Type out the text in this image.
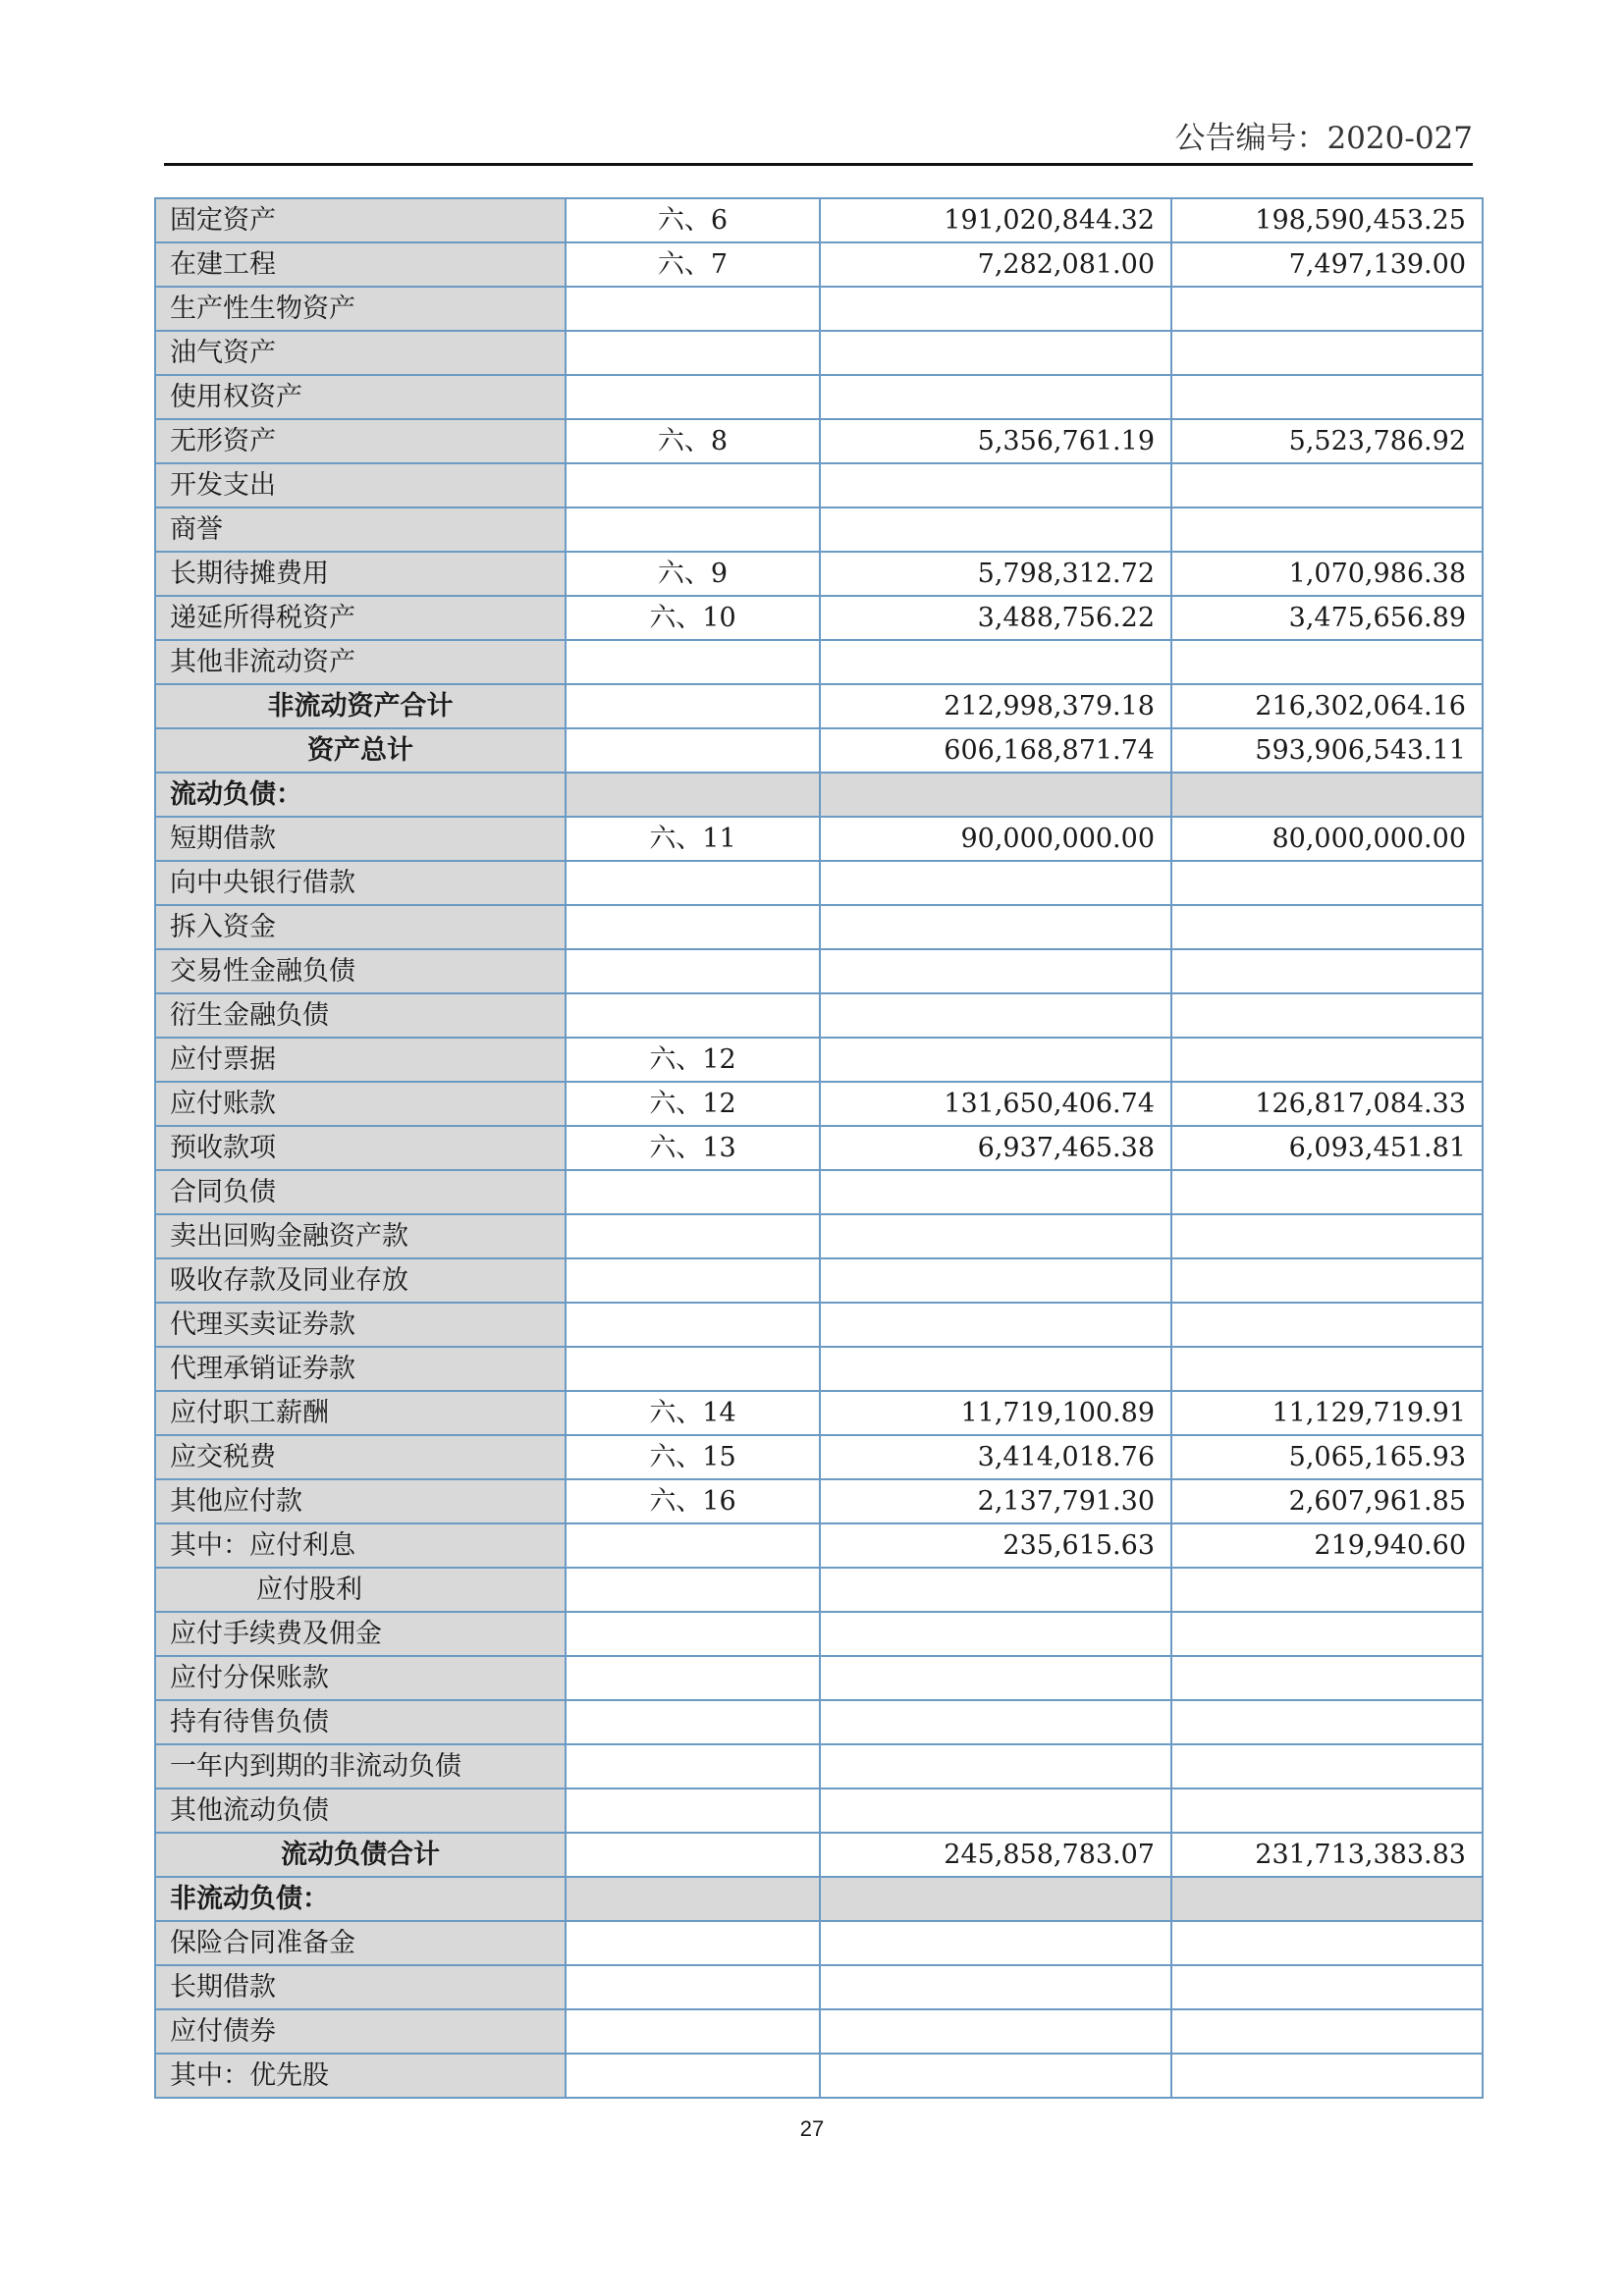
公告编号：2020-027
固定资产	六、6	191,020,844.32	198,590,453.25
在建工程	六、7	7,282,081.00	7,497,139.00
生产性生物资产			
油气资产			
使用权资产			
无形资产	六、8	5,356,761.19	5,523,786.92
开发支出			
商誉			
长期待摊费用	六、9	5,798,312.72	1,070,986.38
递延所得税资产	六、10	3,488,756.22	3,475,656.89
其他非流动资产			
非流动资产合计		212,998,379.18	216,302,064.16
资产总计		606,168,871.74	593,906,543.11
流动负债：			
短期借款	六、11	90,000,000.00	80,000,000.00
向中央银行借款			
拆入资金			
交易性金融负债			
衍生金融负债			
应付票据	六、12		
应付账款	六、12	131,650,406.74	126,817,084.33
预收款项	六、13	6,937,465.38	6,093,451.81
合同负债			
卖出回购金融资产款			
吸收存款及同业存放			
代理买卖证券款			
代理承销证券款			
应付职工薪酬	六、14	11,719,100.89	11,129,719.91
应交税费	六、15	3,414,018.76	5,065,165.93
其他应付款	六、16	2,137,791.30	2,607,961.85
其中：应付利息		235,615.63	219,940.60
应付股利			
应付手续费及佣金			
应付分保账款			
持有待售负债			
一年内到期的非流动负债			
其他流动负债			
流动负债合计		245,858,783.07	231,713,383.83
非流动负债：			
保险合同准备金			
长期借款			
应付债券			
其中：优先股			
27
